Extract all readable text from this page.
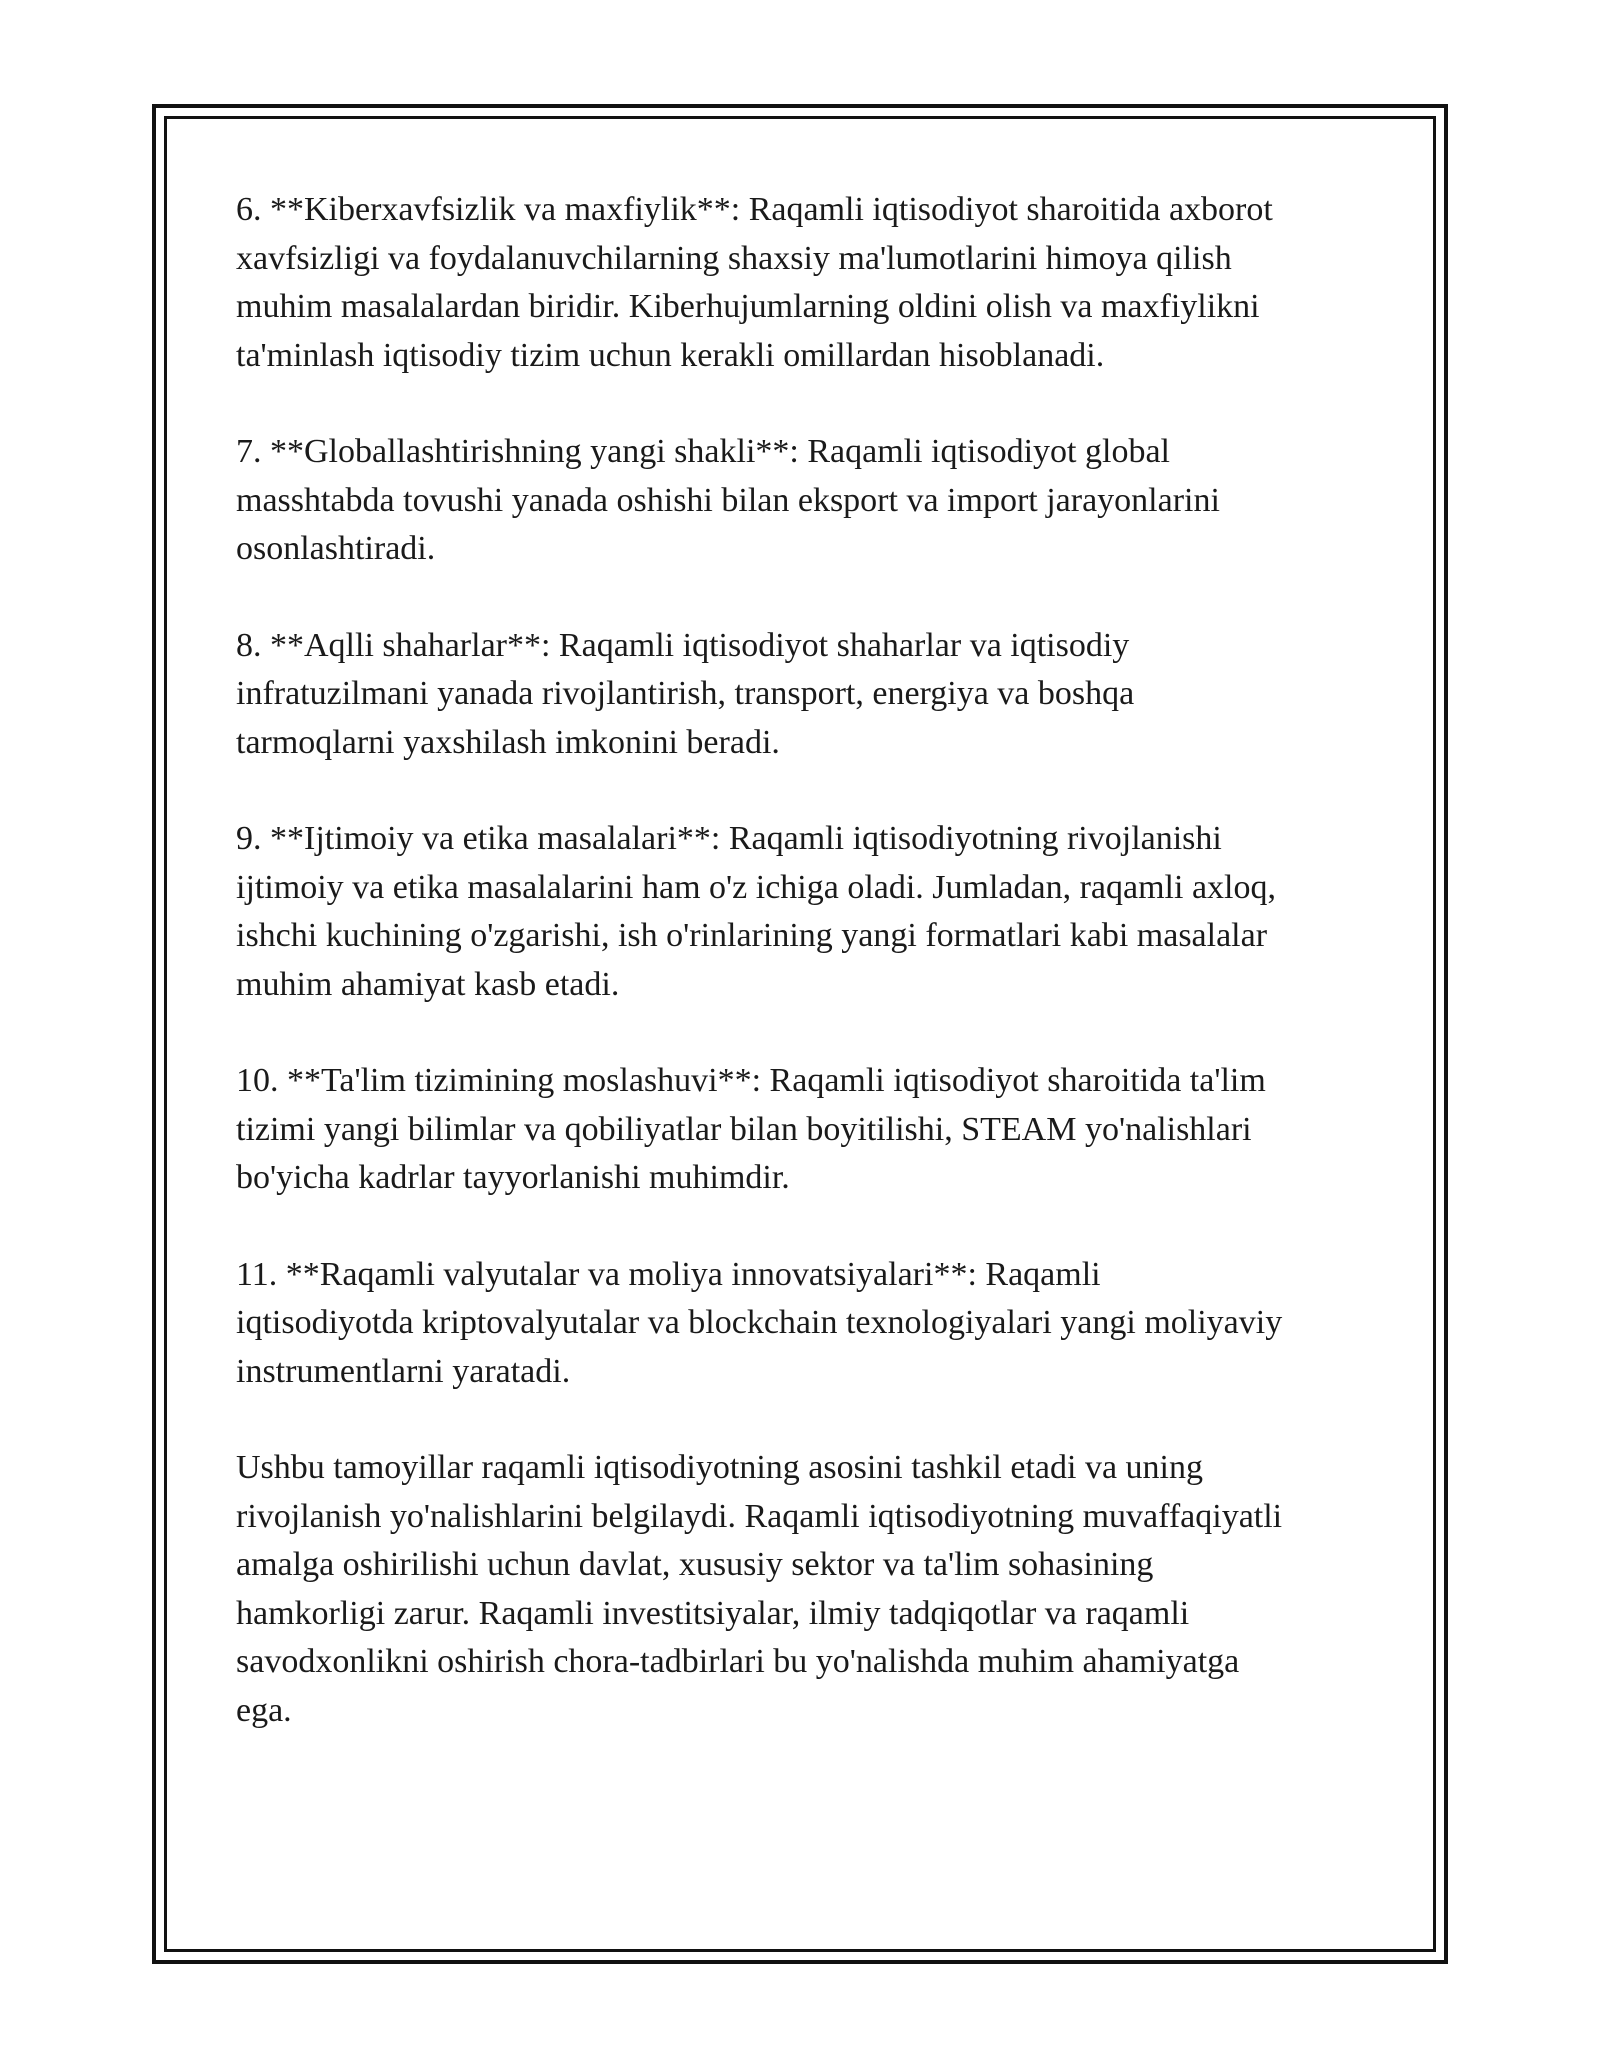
6. **Kiberxavfsizlik va maxfiylik**: Raqamli iqtisodiyot sharoitida axborot
xavfsizligi va foydalanuvchilarning shaxsiy ma'lumotlarini himoya qilish
muhim masalalardan biridir. Kiberhujumlarning oldini olish va maxfiylikni
ta'minlash iqtisodiy tizim uchun kerakli omillardan hisoblanadi.

7. **Globallashtirishning yangi shakli**: Raqamli iqtisodiyot global
masshtabda tovushi yanada oshishi bilan eksport va import jarayonlarini
osonlashtiradi.

8. **Aqlli shaharlar**: Raqamli iqtisodiyot shaharlar va iqtisodiy
infratuzilmani yanada rivojlantirish, transport, energiya va boshqa
tarmoqlarni yaxshilash imkonini beradi.

9. **Ijtimoiy va etika masalalari**: Raqamli iqtisodiyotning rivojlanishi
ijtimoiy va etika masalalarini ham o'z ichiga oladi. Jumladan, raqamli axloq,
ishchi kuchining o'zgarishi, ish o'rinlarining yangi formatlari kabi masalalar
muhim ahamiyat kasb etadi.

10. **Ta'lim tizimining moslashuvi**: Raqamli iqtisodiyot sharoitida ta'lim
tizimi yangi bilimlar va qobiliyatlar bilan boyitilishi, STEAM yo'nalishlari
bo'yicha kadrlar tayyorlanishi muhimdir.

11. **Raqamli valyutalar va moliya innovatsiyalari**: Raqamli
iqtisodiyotda kriptovalyutalar va blockchain texnologiyalari yangi moliyaviy
instrumentlarni yaratadi.

Ushbu tamoyillar raqamli iqtisodiyotning asosini tashkil etadi va uning
rivojlanish yo'nalishlarini belgilaydi. Raqamli iqtisodiyotning muvaffaqiyatli
amalga oshirilishi uchun davlat, xususiy sektor va ta'lim sohasining
hamkorligi zarur. Raqamli investitsiyalar, ilmiy tadqiqotlar va raqamli
savodxonlikni oshirish chora-tadbirlari bu yo'nalishda muhim ahamiyatga
ega.
